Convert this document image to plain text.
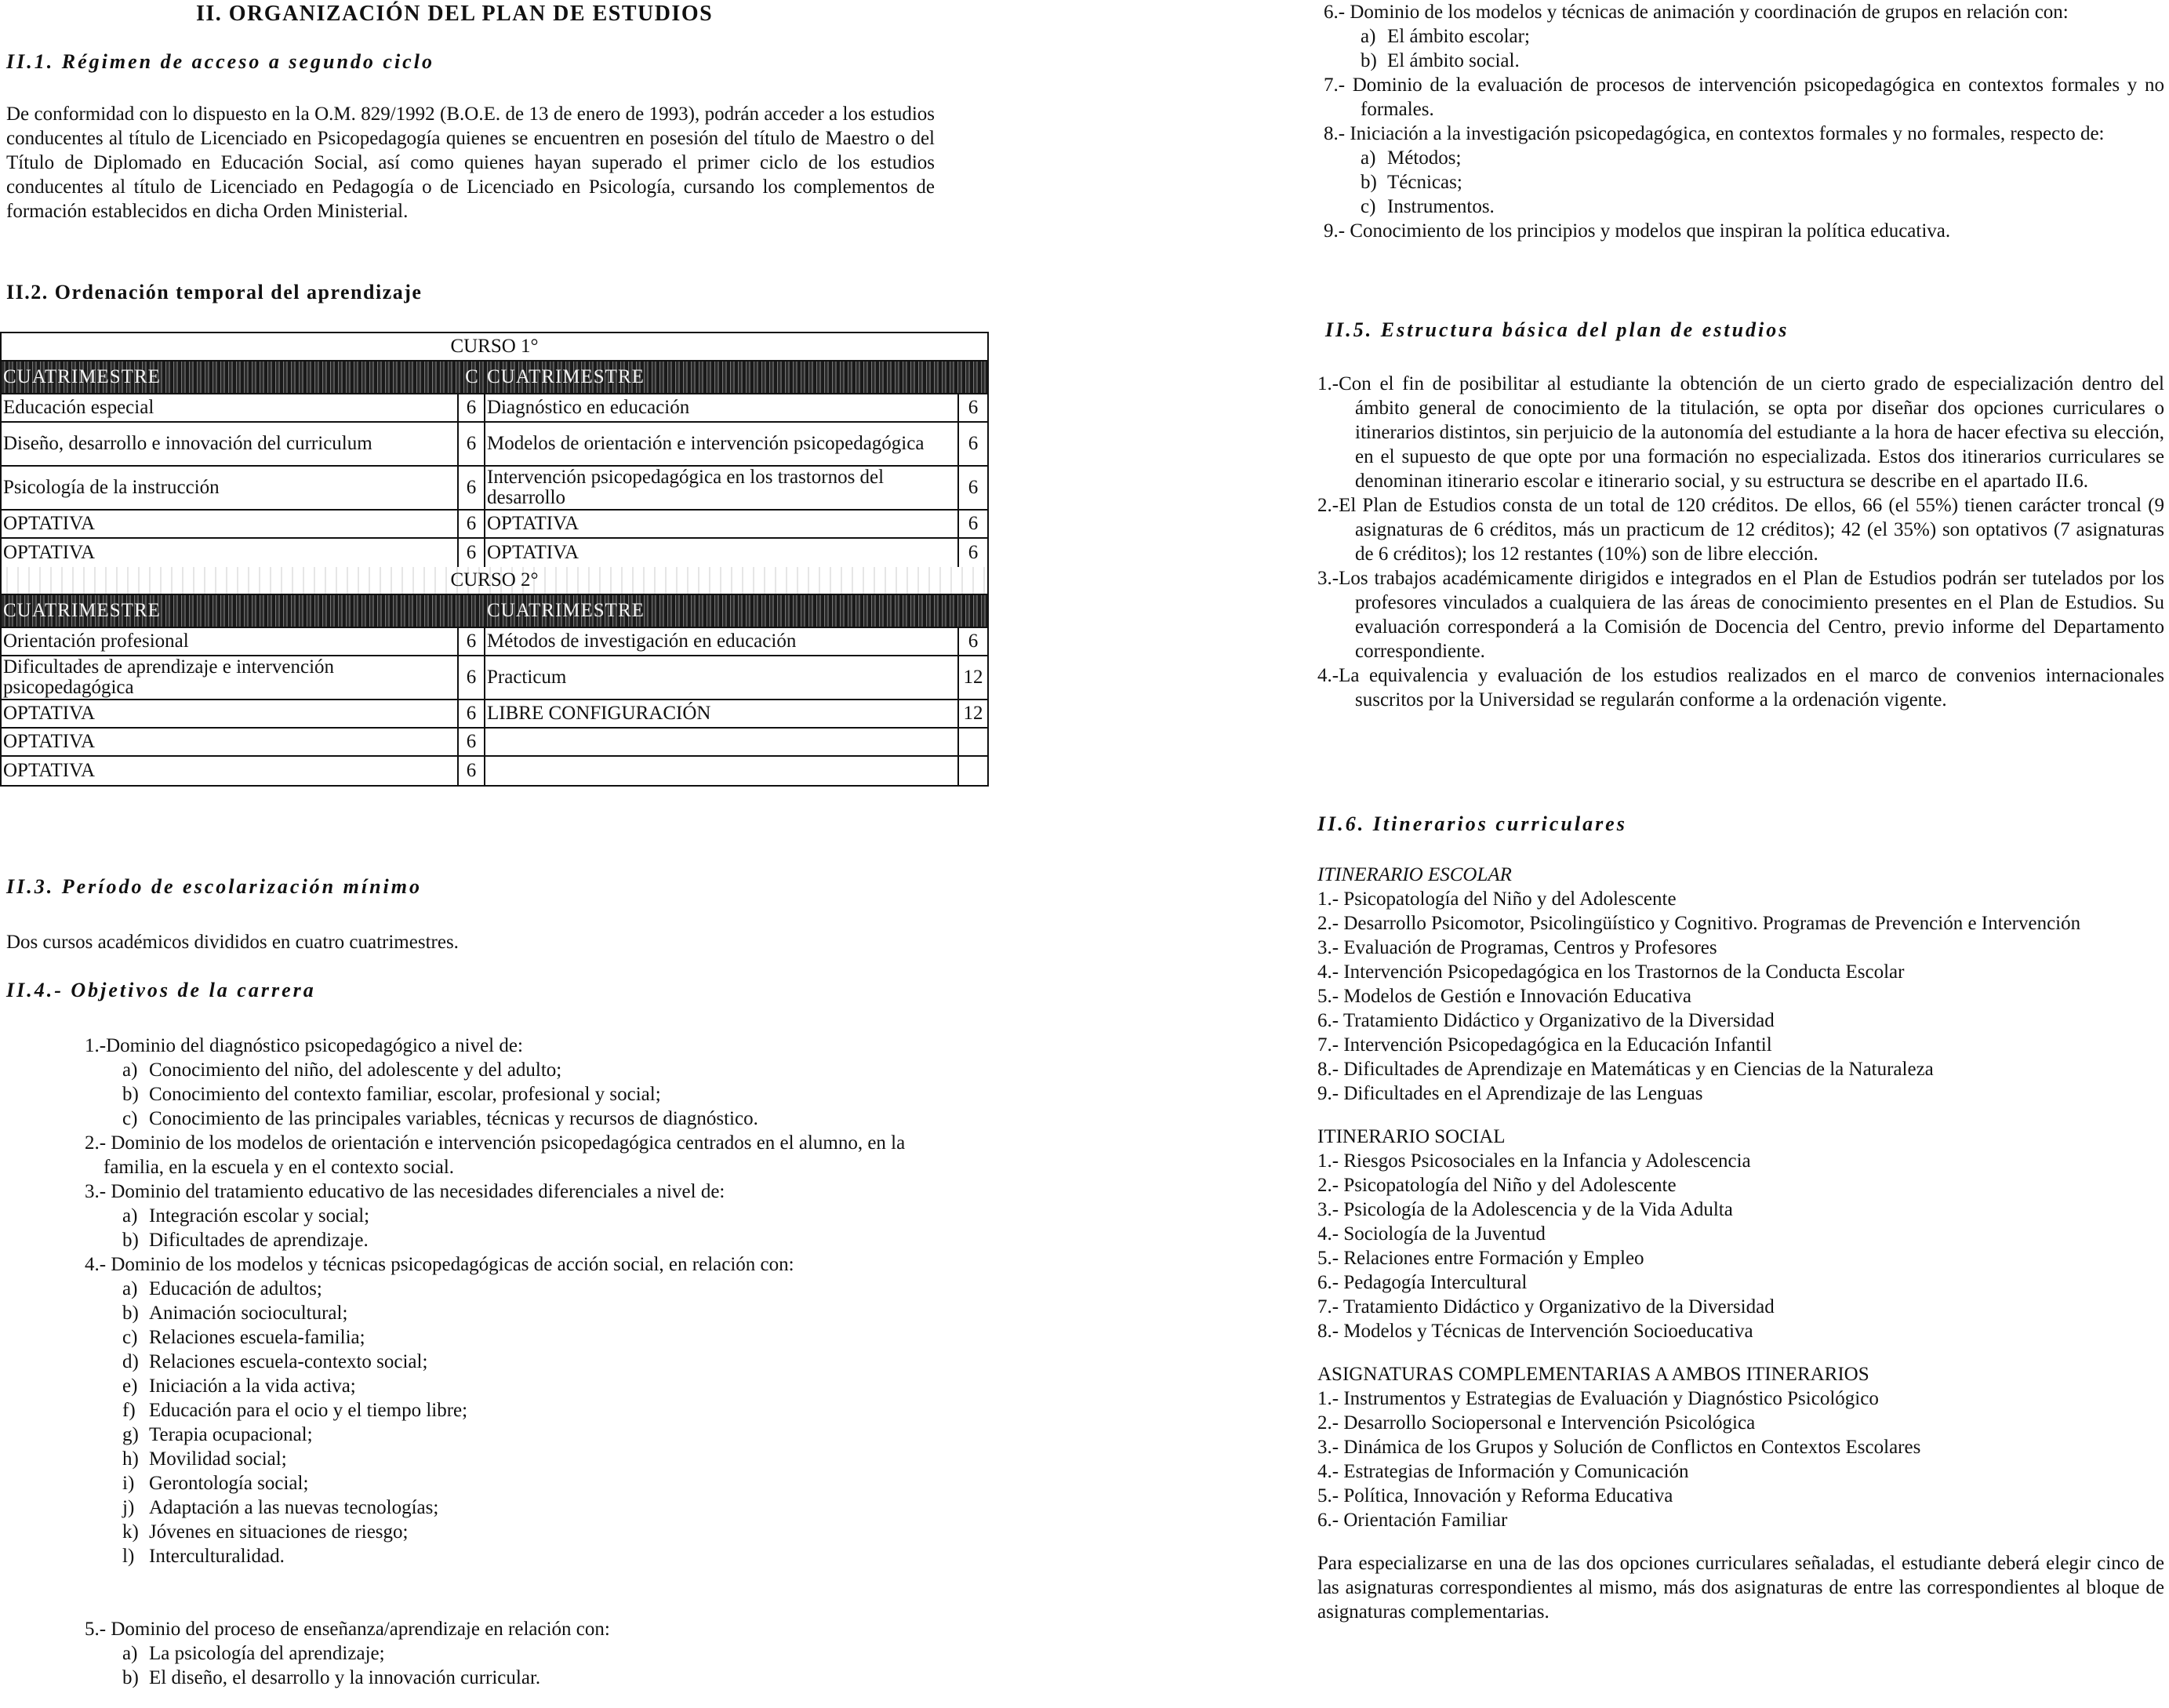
II. ORGANIZACIÓN DEL PLAN DE ESTUDIOS
II.1. Régimen de acceso a segundo ciclo

De conformidad con lo dispuesto en la O.M. 829/1992 (B.O.E. de 13 de enero de 1993), podrán acceder a los estudios conducentes al título de Licenciado en Psicopedagogía quienes se encuentren en posesión del título de Maestro o del Título de Diplomado en Educación Social, así como quienes hayan superado el primer ciclo de los estudios conducentes al título de Licenciado en Pedagogía o de Licenciado en Psicología, cursando los complementos de formación establecidos en dicha Orden Ministerial.

II.2. Ordenación temporal del aprendizaje
CURSO 1°
CUATRIMESTRE	C CUATRIMESTRE
Educación especial	6 Diagnóstico en educación	6
Diseño, desarrollo e innovación del curriculum	6 Modelos de orientación e intervención psicopedagógica	6
Psicología de la instrucción	6 Intervención psicopedagógica en los trastornos del desarrollo	6
OPTATIVA	6 OPTATIVA	6
OPTATIVA	6 OPTATIVA	6
CURSO 2°
CUATRIMESTRE	CUATRIMESTRE
Orientación profesional	6 Métodos de investigación en educación	6
Dificultades de aprendizaje e intervención psicopedagógica	6 Practicum	12
OPTATIVA	6 LIBRE CONFIGURACIÓN	12
OPTATIVA	6
OPTATIVA	6
II.3. Período de escolarización mínimo

Dos cursos académicos divididos en cuatro cuatrimestres.

II.4.- Objetivos de la carrera

1.-Dominio del diagnóstico psicopedagógico a nivel de:

a) Conocimiento del niño, del adolescente y del adulto;
b) Conocimiento del contexto familiar, escolar, profesional y social;
c) Conocimiento de las principales variables, técnicas y recursos de diagnóstico.

2.- Dominio de los modelos de orientación e intervención psicopedagógica centrados en el alumno, en la familia, en la escuela y en el contexto social.

3.- Dominio del tratamiento educativo de las necesidades diferenciales a nivel de:

a) Integración escolar y social;
b) Dificultades de aprendizaje.

4.- Dominio de los modelos y técnicas psicopedagógicas de acción social, en relación con:

a) Educación de adultos;
b) Animación sociocultural;
c) Relaciones escuela-familia;
d) Relaciones escuela-contexto social;
e) Iniciación a la vida activa;
f) Educación para el ocio y el tiempo libre;
g) Terapia ocupacional;
h) Movilidad social;
i) Gerontología social;
j) Adaptación a las nuevas tecnologías;
k) Jóvenes en situaciones de riesgo;
l) Interculturalidad.

5.- Dominio del proceso de enseñanza/aprendizaje en relación con:

a) La psicología del aprendizaje;
b) El diseño, el desarrollo y la innovación curricular.

6.- Dominio de los modelos y técnicas de animación y coordinación de grupos en relación con:

a) El ámbito escolar;
b) El ámbito social.

7.- Dominio de la evaluación de procesos de intervención psicopedagógica en contextos formales y no formales.

8.- Iniciación a la investigación psicopedagógica, en contextos formales y no formales, respecto de:

a) Métodos;
b) Técnicas;
c) Instrumentos.

9.- Conocimiento de los principios y modelos que inspiran la política educativa.

II.5. Estructura básica del plan de estudios

1.-Con el fin de posibilitar al estudiante la obtención de un cierto grado de especialización dentro del ámbito general de conocimiento de la titulación, se opta por diseñar dos opciones curriculares o itinerarios distintos, sin perjuicio de la autonomía del estudiante a la hora de hacer efectiva su elección, en el supuesto de que opte por una formación no especializada. Estos dos itinerarios curriculares se denominan itinerario escolar e itinerario social, y su estructura se describe en el apartado II.6.

2.-El Plan de Estudios consta de un total de 120 créditos. De ellos, 66 (el 55%) tienen carácter troncal (9 asignaturas de 6 créditos, más un practicum de 12 créditos); 42 (el 35%) son optativos (7 asignaturas de 6 créditos); los 12 restantes (10%) son de libre elección.

3.-Los trabajos académicamente dirigidos e integrados en el Plan de Estudios podrán ser tutelados por los profesores vinculados a cualquiera de las áreas de conocimiento presentes en el Plan de Estudios. Su evaluación corresponderá a la Comisión de Docencia del Centro, previo informe del Departamento correspondiente.

4.-La equivalencia y evaluación de los estudios realizados en el marco de convenios internacionales suscritos por la Universidad se regularán conforme a la ordenación vigente.

II.6. Itinerarios curriculares

ITINERARIO ESCOLAR

1.- Psicopatología del Niño y del Adolescente

2.- Desarrollo Psicomotor, Psicolingüístico y Cognitivo. Programas de Prevención e Intervención

3.- Evaluación de Programas, Centros y Profesores

4.- Intervención Psicopedagógica en los Trastornos de la Conducta Escolar

5.- Modelos de Gestión e Innovación Educativa

6.- Tratamiento Didáctico y Organizativo de la Diversidad

7.- Intervención Psicopedagógica en la Educación Infantil

8.- Dificultades de Aprendizaje en Matemáticas y en Ciencias de la Naturaleza

9.- Dificultades en el Aprendizaje de las Lenguas

ITINERARIO SOCIAL

1.- Riesgos Psicosociales en la Infancia y Adolescencia

2.- Psicopatología del Niño y del Adolescente

3.- Psicología de la Adolescencia y de la Vida Adulta

4.- Sociología de la Juventud

5.- Relaciones entre Formación y Empleo

6.- Pedagogía Intercultural

7.- Tratamiento Didáctico y Organizativo de la Diversidad

8.- Modelos y Técnicas de Intervención Socioeducativa

ASIGNATURAS COMPLEMENTARIAS A AMBOS ITINERARIOS

1.- Instrumentos y Estrategias de Evaluación y Diagnóstico Psicológico

2.- Desarrollo Sociopersonal e Intervención Psicológica

3.- Dinámica de los Grupos y Solución de Conflictos en Contextos Escolares

4.- Estrategias de Información y Comunicación

5.- Política, Innovación y Reforma Educativa

6.- Orientación Familiar

Para especializarse en una de las dos opciones curriculares señaladas, el estudiante deberá elegir cinco de las asignaturas correspondientes al mismo, más dos asignaturas de entre las correspondientes al bloque de asignaturas complementarias.
